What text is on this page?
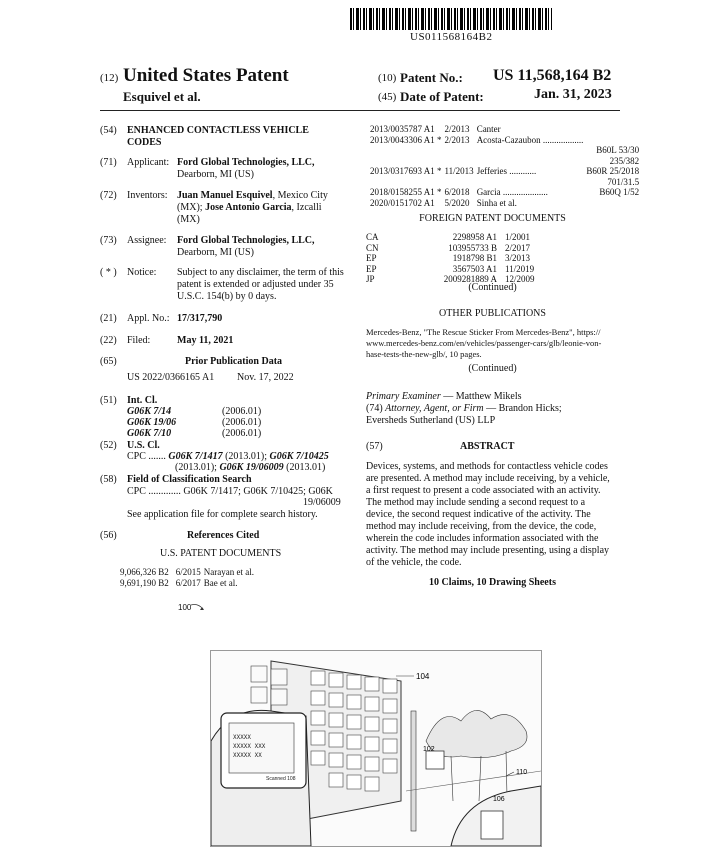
US011568164B2
(12) United States Patent
Esquivel et al.
(10) Patent No.: US 11,568,164 B2
(45) Date of Patent:	Jan. 31, 2023
(54) ENHANCED CONTACTLESS VEHICLE
CODES
(71) Applicant: Ford Global Technologies, LLC,
Dearborn, MI (US)
(72) Inventors: Juan Manuel Esquivel, Mexico City
(MX); Jose Antonio Garcia, Izcalli
(MX)
(73) Assignee: Ford Global Technologies, LLC,
Dearborn, MI (US)
( * ) Notice: Subject to any disclaimer, the term of this
patent is extended or adjusted under 35
U.S.C. 154(b) by 0 days.
(21) Appl. No.: 17/317,790
(22) Filed:	May 11, 2021
(65)	Prior Publication Data
US 2022/0366165 A1 Nov. 17, 2022
(51) Int. Cl.
G06K 7/14	(2006.01)
G06K 19/06	(2006.01)
G06K 7/10	(2006.01)
(52) U.S. Cl.
CPC ....... G06K 7/1417 (2013.01); G06K 7/10425
(2013.01); G06K 19/06009 (2013.01)
(58) Field of Classification Search
CPC ............. G06K 7/1417; G06K 7/10425; G06K
19/06009
See application file for complete search history.
(56)	References Cited
U.S. PATENT DOCUMENTS
9,066,326 B2	6/2015	Narayan et al.
9,691,190 B2	6/2017	Bae et al.
2013/0035787 A1	2/2013	Canter	
2013/0043306 A1 *	2/2013	Acosta-Cazaubon ..................	
			B60L 53/30
			235/382
2013/0317693 A1 *	11/2013	Jefferies ............	B60R 25/2018
			701/31.5
2018/0158255 A1 *	6/2018	Garcia ....................	B60Q 1/52
2020/0151702 A1	5/2020	Sinha et al.	
FOREIGN PATENT DOCUMENTS
CA	2298958 A1	1/2001
CN	103955733 B	2/2017
EP	1918798 B1	3/2013
EP	3567503 A1	11/2019
JP	2009281889 A	12/2009
(Continued)
OTHER PUBLICATIONS
Mercedes-Benz, "The Rescue Sticker From Mercedes-Benz", https://
www.mercedes-benz.com/en/vehicles/passenger-cars/glb/leonie-von-
hase-tests-the-new-glb/, 10 pages.
(Continued)
Primary Examiner — Matthew Mikels
(74) Attorney, Agent, or Firm — Brandon Hicks;
Eversheds Sutherland (US) LLP
(57)	ABSTRACT
Devices, systems, and methods for contactless vehicle codes
are presented. A method may include receiving, by a vehicle,
a first request to present a code associated with an activity.
The method may include sending a second request to a
device, the second request indicative of the activity. The
method may include receiving, from the device, the code,
wherein the code includes information associated with the
activity. The method may include presenting, using a display
of the vehicle, the code.
10 Claims, 10 Drawing Sheets
100
XXXXX
XXXXX XXX
XXXXX XX
Scanned 108
104
102
110
106
